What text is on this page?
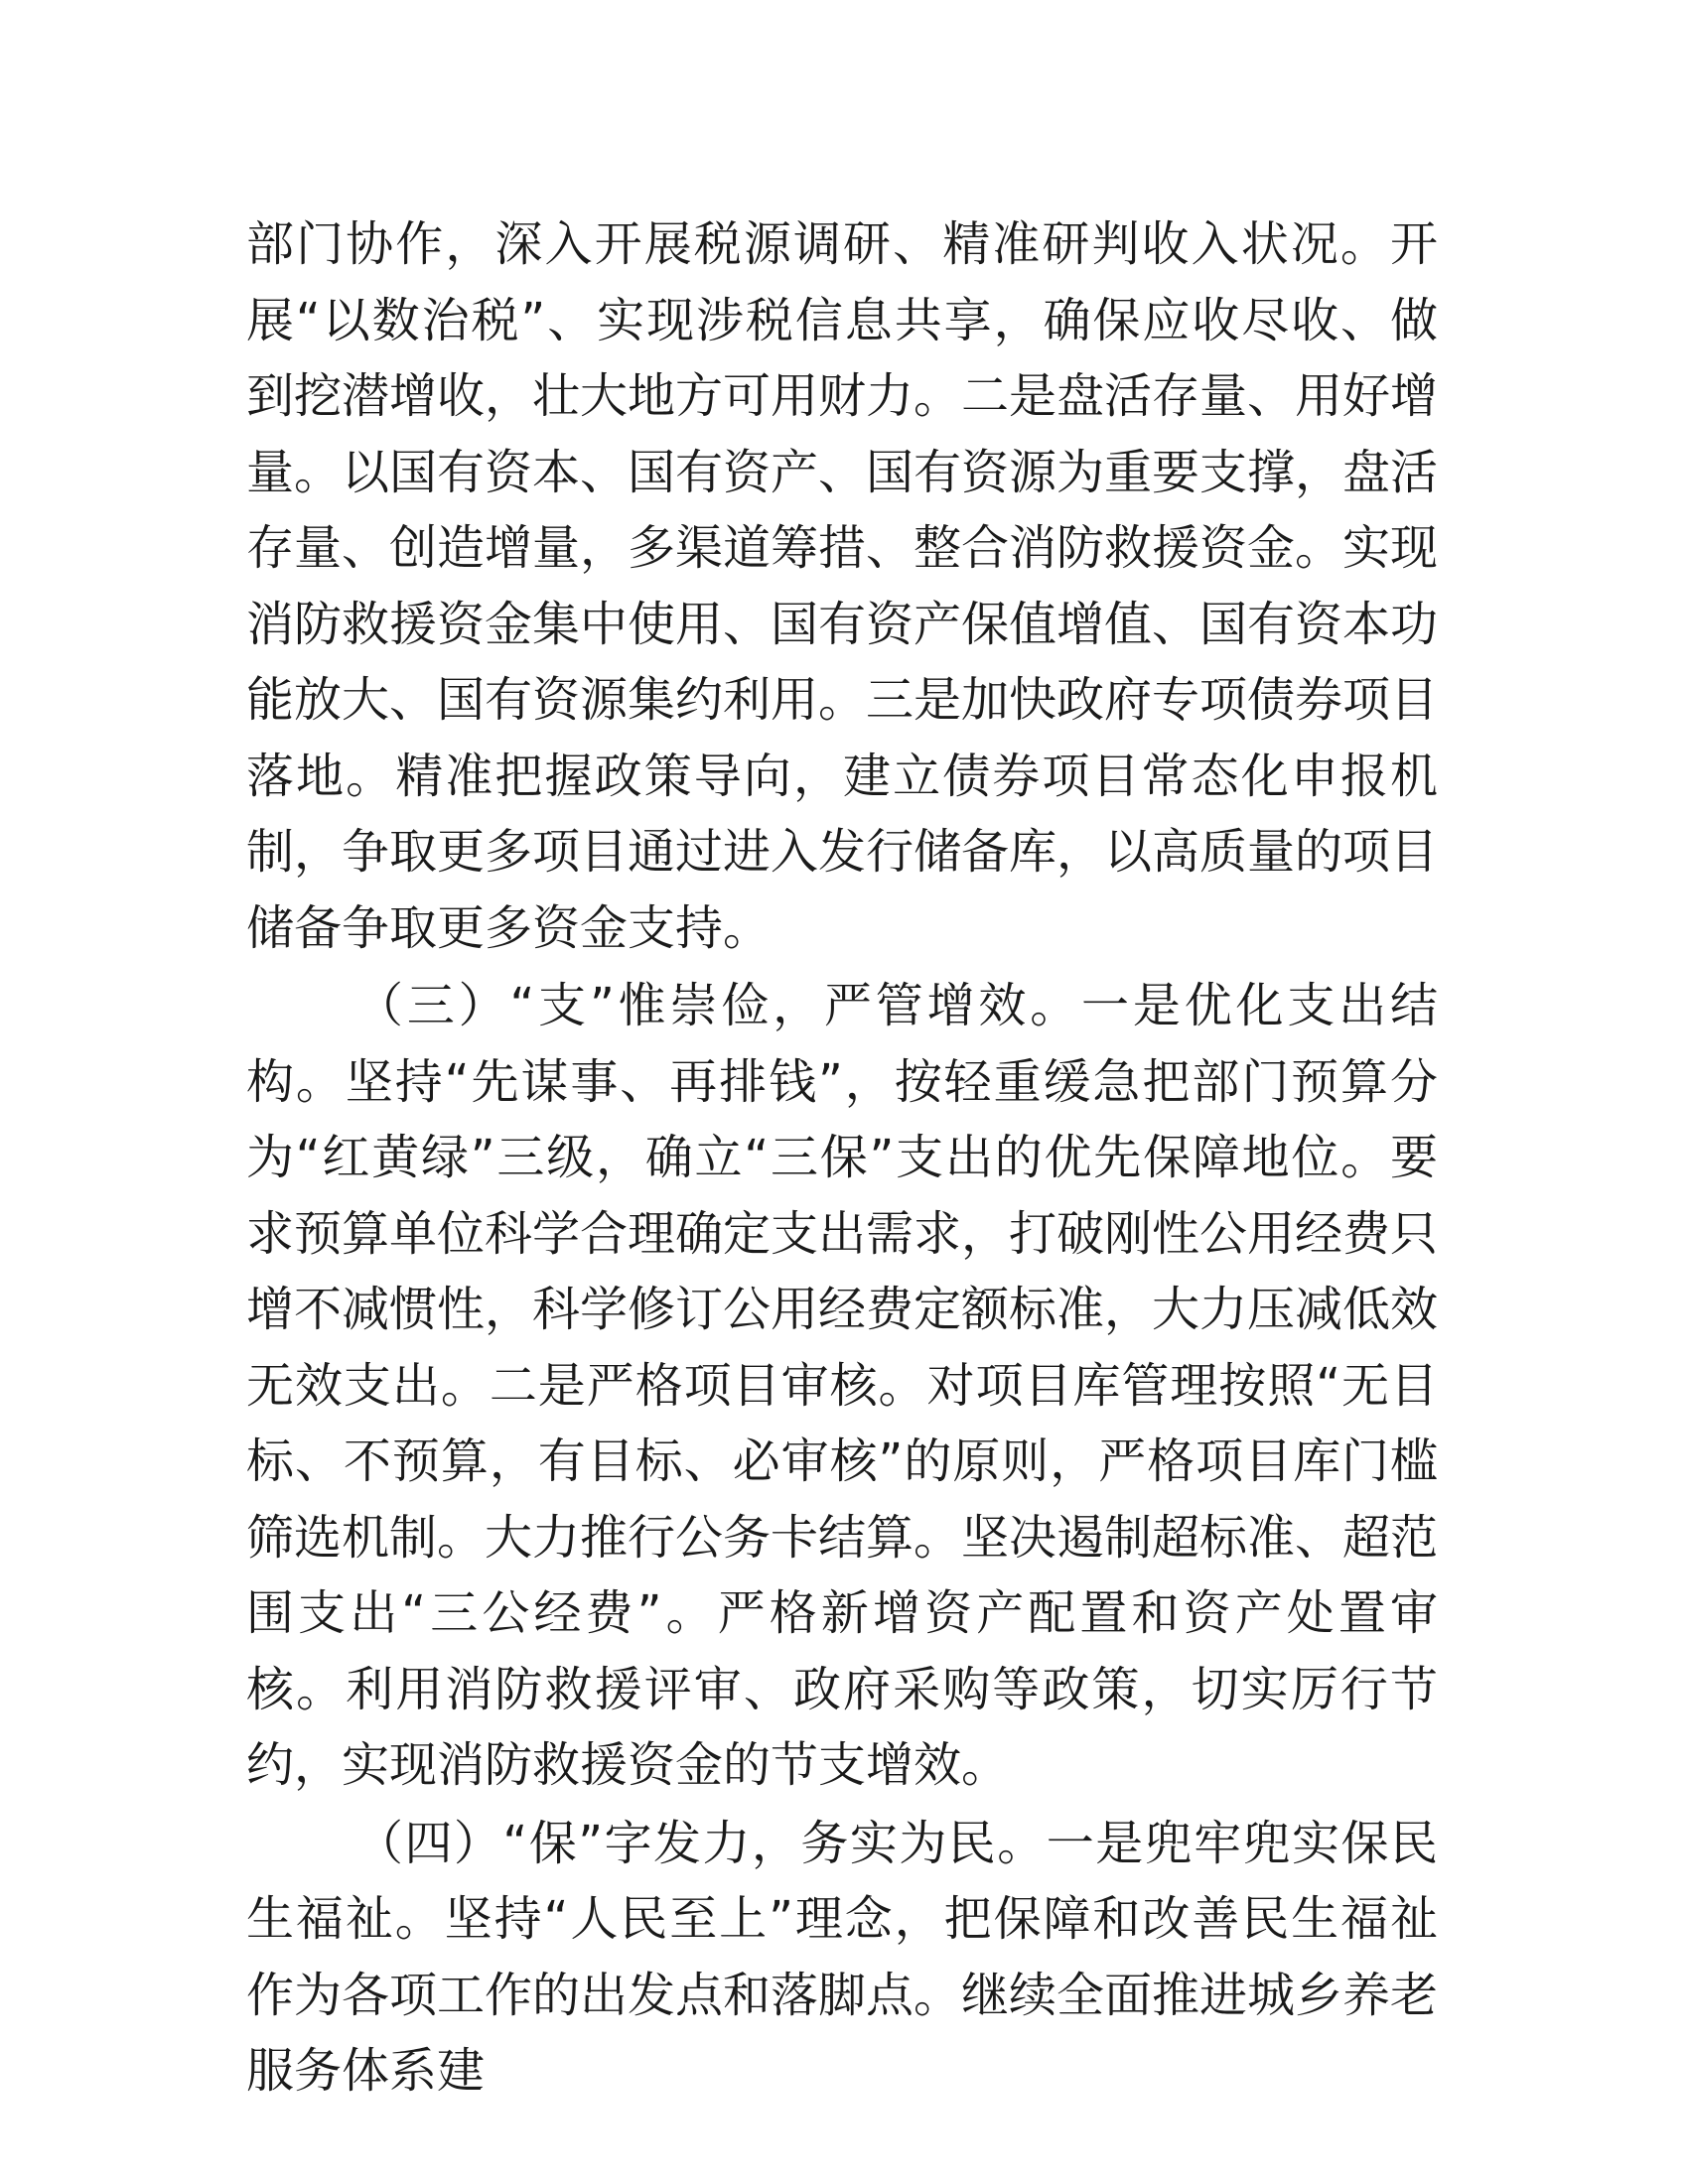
部门协作，深入开展税源调研、精准研判收入状况。开展“以数治税”、实现涉税信息共享，确保应收尽收、做到挖潜增收，壮大地方可用财力。二是盘活存量、用好增量。以国有资本、国有资产、国有资源为重要支撑，盘活存量、创造增量，多渠道筹措、整合消防救援资金。实现消防救援资金集中使用、国有资产保值增值、国有资本功能放大、国有资源集约利用。三是加快政府专项债券项目落地。精准把握政策导向，建立债券项目常态化申报机制，争取更多项目通过进入发行储备库，以高质量的项目储备争取更多资金支持。

（三）“支”惟崇俭，严管增效。一是优化支出结构。坚持“先谋事、再排钱”，按轻重缓急把部门预算分为“红黄绿”三级，确立“三保”支出的优先保障地位。要求预算单位科学合理确定支出需求，打破刚性公用经费只增不减惯性，科学修订公用经费定额标准，大力压减低效无效支出。二是严格项目审核。对项目库管理按照“无目标、不预算，有目标、必审核”的原则，严格项目库门槛筛选机制。大力推行公务卡结算。坚决遏制超标准、超范围支出“三公经费”。严格新增资产配置和资产处置审核。利用消防救援评审、政府采购等政策，切实厉行节约，实现消防救援资金的节支增效。

（四）“保”字发力，务实为民。一是兜牢兜实保民生福祉。坚持“人民至上”理念，把保障和改善民生福祉作为各项工作的出发点和落脚点。继续全面推进城乡养老服务体系建
